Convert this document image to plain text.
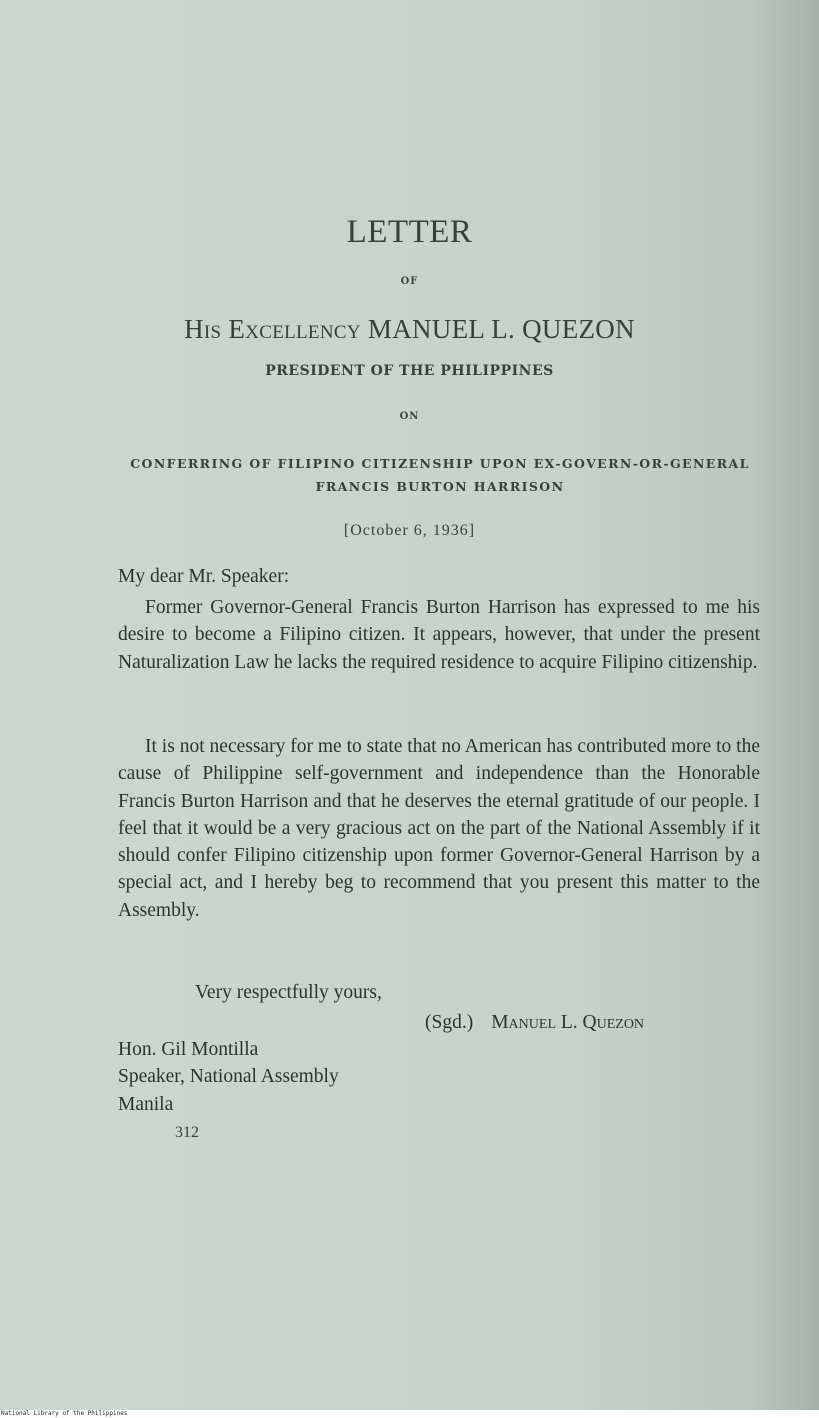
LETTER
OF
His Excellency MANUEL L. QUEZON
PRESIDENT OF THE PHILIPPINES
ON
CONFERRING OF FILIPINO CITIZENSHIP UPON EX-GOVERN-OR-GENERAL FRANCIS BURTON HARRISON
[October 6, 1936]
My dear Mr. Speaker:
Former Governor-General Francis Burton Harrison has expressed to me his desire to become a Filipino citizen. It appears, however, that under the present Naturalization Law he lacks the required residence to acquire Filipino citizenship.
It is not necessary for me to state that no American has contributed more to the cause of Philippine self-government and independence than the Honorable Francis Burton Harrison and that he deserves the eternal gratitude of our people. I feel that it would be a very gracious act on the part of the National Assembly if it should confer Filipino citizenship upon former Governor-General Harrison by a special act, and I hereby beg to recommend that you present this matter to the Assembly.
Very respectfully yours,
(Sgd.) Manuel L. Quezon
Hon. Gil Montilla
Speaker, National Assembly
Manila
312
National Library of the Philippines
